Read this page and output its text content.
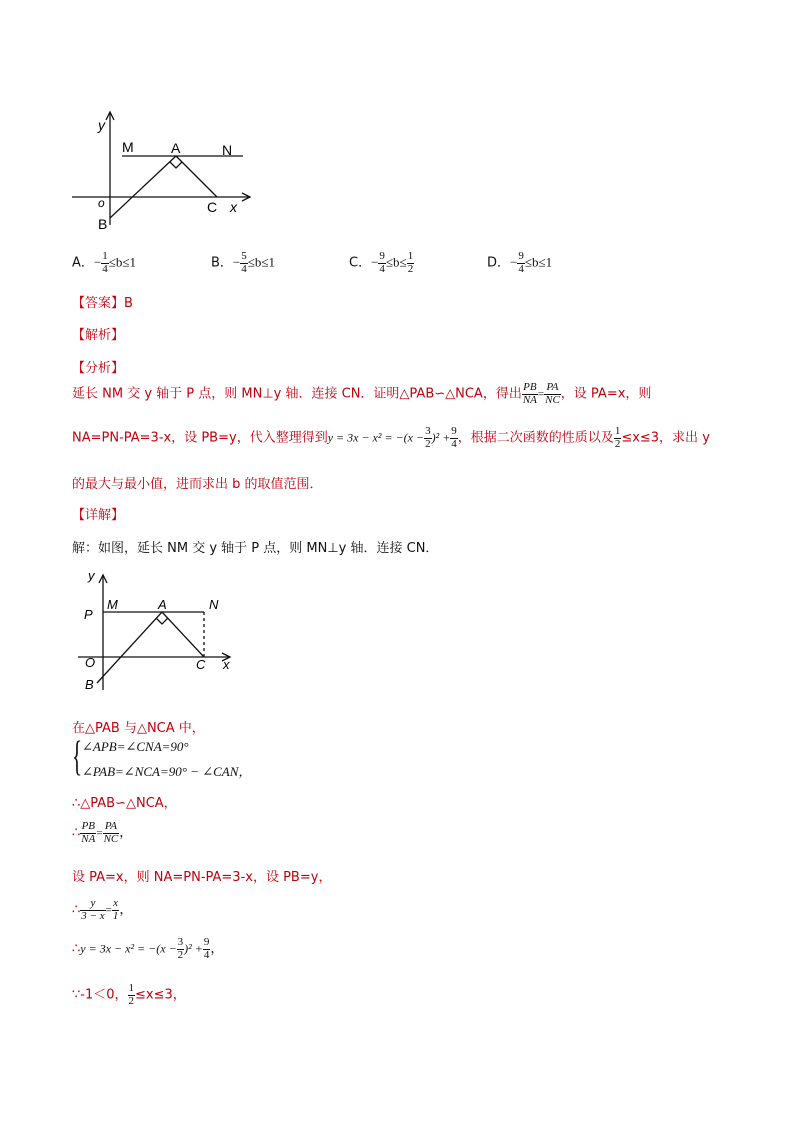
y
M	A	N
o
B
C x
A．− $\frac{1}{4} \le b\le 1$	B．− $\frac{5}{4} \le b\le 1$	C．− $\frac{9}{4} \le b\le \frac{1}{2}$	D．− $\frac{9}{4} \le b\le 1$
【答案】B
【解析】
【分析】
延长 NM 交 y 轴于 P 点，则 MN⊥y 轴．连接 CN．证明△PAB∽△NCA，得出 $\frac{PB}{NA} = \frac{PA}{NC}$ ，设 PA=x，则
NA=PN-PA=3-x，设 PB=y，代入整理得到$y = 3x - x^2 = -(x - \frac{3}{2} )^2 + \frac{9}{4}$ ，根据二次函数的性质以及 $\frac{1}{2} \le x\le 3$，求出 y
的最大与最小值，进而求出 b 的取值范围．
【详解】
解：如图，延长 NM 交 y 轴于 P 点，则 MN⊥y 轴．连接 CN．
y
P
M	A	N
O	C x
B
在△PAB 与△NCA 中，
{ ∠APB=∠CNA=90°
∠PAB=∠NCA=90° − ∠CAN，
∴△PAB∽△NCA，
∴ $\frac{PB}{NA} = \frac{PA}{NC}$ ，
设 PA=x，则 NA=PN-PA=3-x，设 PB=y，
∴ $\frac{y}{3 - x} = \frac{x}{1}$ ，
∴y = $3x - x^2 = -(x - \frac{3}{2} )^2 + \frac{9}{4}$ ，
∵-1＜0， $\frac{1}{2} \le x\le 3$，
